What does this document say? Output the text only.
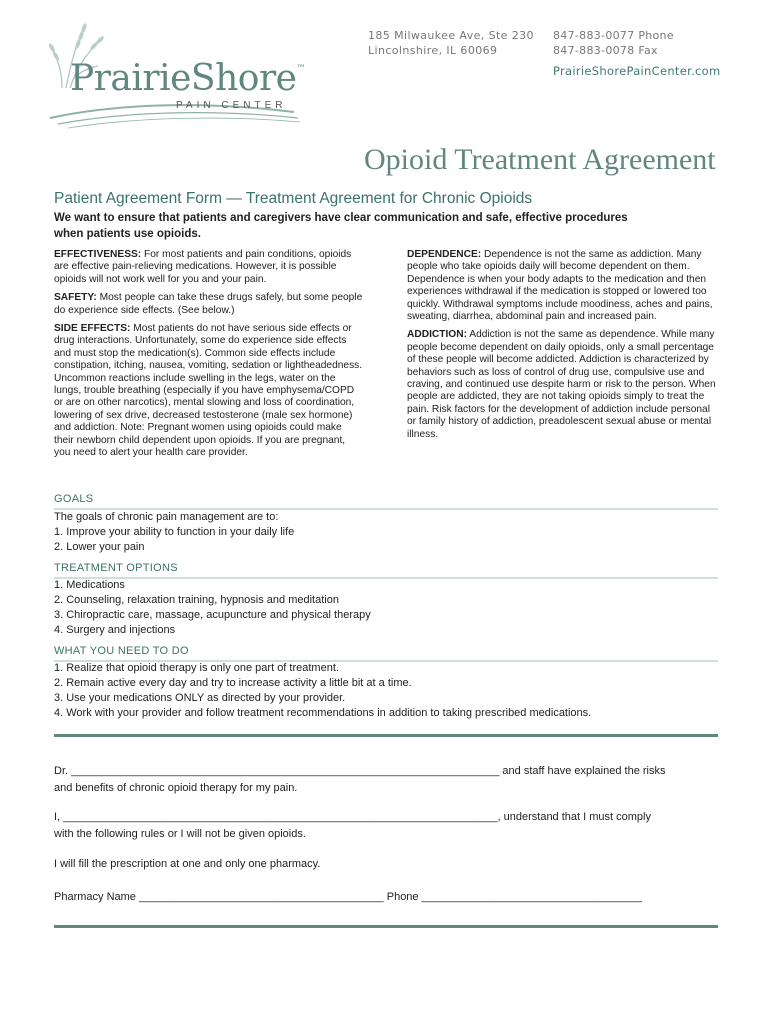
PrairieShore™
PAIN CENTER
185 Milwaukee Ave, Ste 230
Lincolnshire, IL 60069
847-883-0077 Phone
847-883-0078 Fax
PrairieShorePainCenter.com
Opioid Treatment Agreement
Patient Agreement Form — Treatment Agreement for Chronic Opioids
We want to ensure that patients and caregivers have clear communication and safe, effective procedures when patients use opioids.

EFFECTIVENESS: For most patients and pain conditions, opioids are effective pain-relieving medications. However, it is possible opioids will not work well for you and your pain.

SAFETY: Most people can take these drugs safely, but some people do experience side effects. (See below.)

SIDE EFFECTS: Most patients do not have serious side effects or drug interactions. Unfortunately, some do experience side effects and must stop the medication(s). Common side effects include constipation, itching, nausea, vomiting, sedation or lightheadedness. Uncommon reactions include swelling in the legs, water on the lungs, trouble breathing (especially if you have emphysema/COPD or are on other narcotics), mental slowing and loss of coordination, lowering of sex drive, decreased testosterone (male sex hormone) and addiction. Note: Pregnant women using opioids could make their newborn child dependent upon opioids. If you are pregnant, you need to alert your health care provider.

DEPENDENCE: Dependence is not the same as addiction. Many people who take opioids daily will become dependent on them. Dependence is when your body adapts to the medication and then experiences withdrawal if the medication is stopped or lowered too quickly. Withdrawal symptoms include moodiness, aches and pains, sweating, diarrhea, abdominal pain and increased pain.

ADDICTION: Addiction is not the same as dependence. While many people become dependent on daily opioids, only a small percentage of these people will become addicted. Addiction is characterized by behaviors such as loss of control of drug use, compulsive use and craving, and continued use despite harm or risk to the person. When people are addicted, they are not taking opioids simply to treat the pain. Risk factors for the development of addiction include personal or family history of addiction, preadolescent sexual abuse or mental illness.

GOALS
The goals of chronic pain management are to:
1. Improve your ability to function in your daily life
2. Lower your pain
TREATMENT OPTIONS
1. Medications
2. Counseling, relaxation training, hypnosis and meditation
3. Chiropractic care, massage, acupuncture and physical therapy
4. Surgery and injections
WHAT YOU NEED TO DO
1. Realize that opioid therapy is only one part of treatment.
2. Remain active every day and try to increase activity a little bit at a time.
3. Use your medications ONLY as directed by your provider.
4. Work with your provider and follow treatment recommendations in addition to taking prescribed medications.
Dr. ______________________________________________________________________ and staff have explained the risks
and benefits of chronic opioid therapy for my pain.
I, _______________________________________________________________________, understand that I must comply
with the following rules or I will not be given opioids.
I will fill the prescription at one and only one pharmacy.
Pharmacy Name ________________________________________ Phone ____________________________________
